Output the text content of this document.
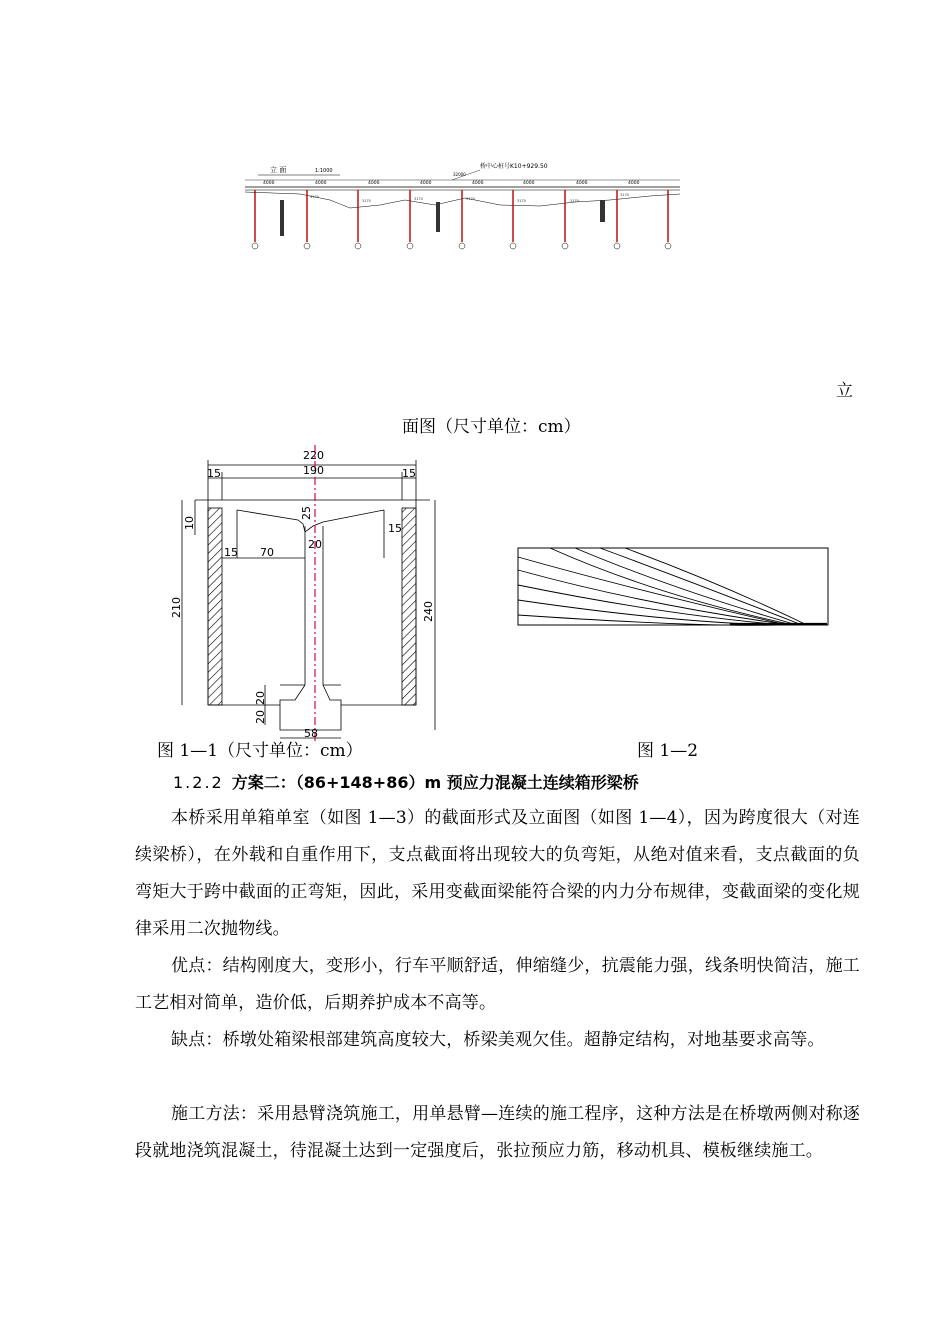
立 面	1:1000
桥中心桩号K10+929.50
32000
4000	4000	4000	4000	4000	4000	4000	4000
3170
3170	3170	3170	3170	3170
3170
立
面图（尺寸单位：cm）
220
190
15	15
25
20
15 70
15
10
210	240
20
20
58
图 1—1（尺寸单位：cm）	图 1—2
1.2.2 方案二：（86+148+86）m 预应力混凝土连续箱形梁桥

本桥采用单箱单室（如图 1—3）的截面形式及立面图（如图 1—4），因为跨度很大（对连续梁桥），在外载和自重作用下，支点截面将出现较大的负弯矩，从绝对值来看，支点截面的负弯矩大于跨中截面的正弯矩，因此，采用变截面梁能符合梁的内力分布规律，变截面梁的变化规律采用二次抛物线。

优点：结构刚度大，变形小，行车平顺舒适，伸缩缝少，抗震能力强，线条明快简洁，施工工艺相对简单，造价低，后期养护成本不高等。

缺点：桥墩处箱梁根部建筑高度较大，桥梁美观欠佳。超静定结构，对地基要求高等。

施工方法：采用悬臂浇筑施工，用单悬臂—连续的施工程序，这种方法是在桥墩两侧对称逐段就地浇筑混凝土，待混凝土达到一定强度后，张拉预应力筋，移动机具、模板继续施工。
